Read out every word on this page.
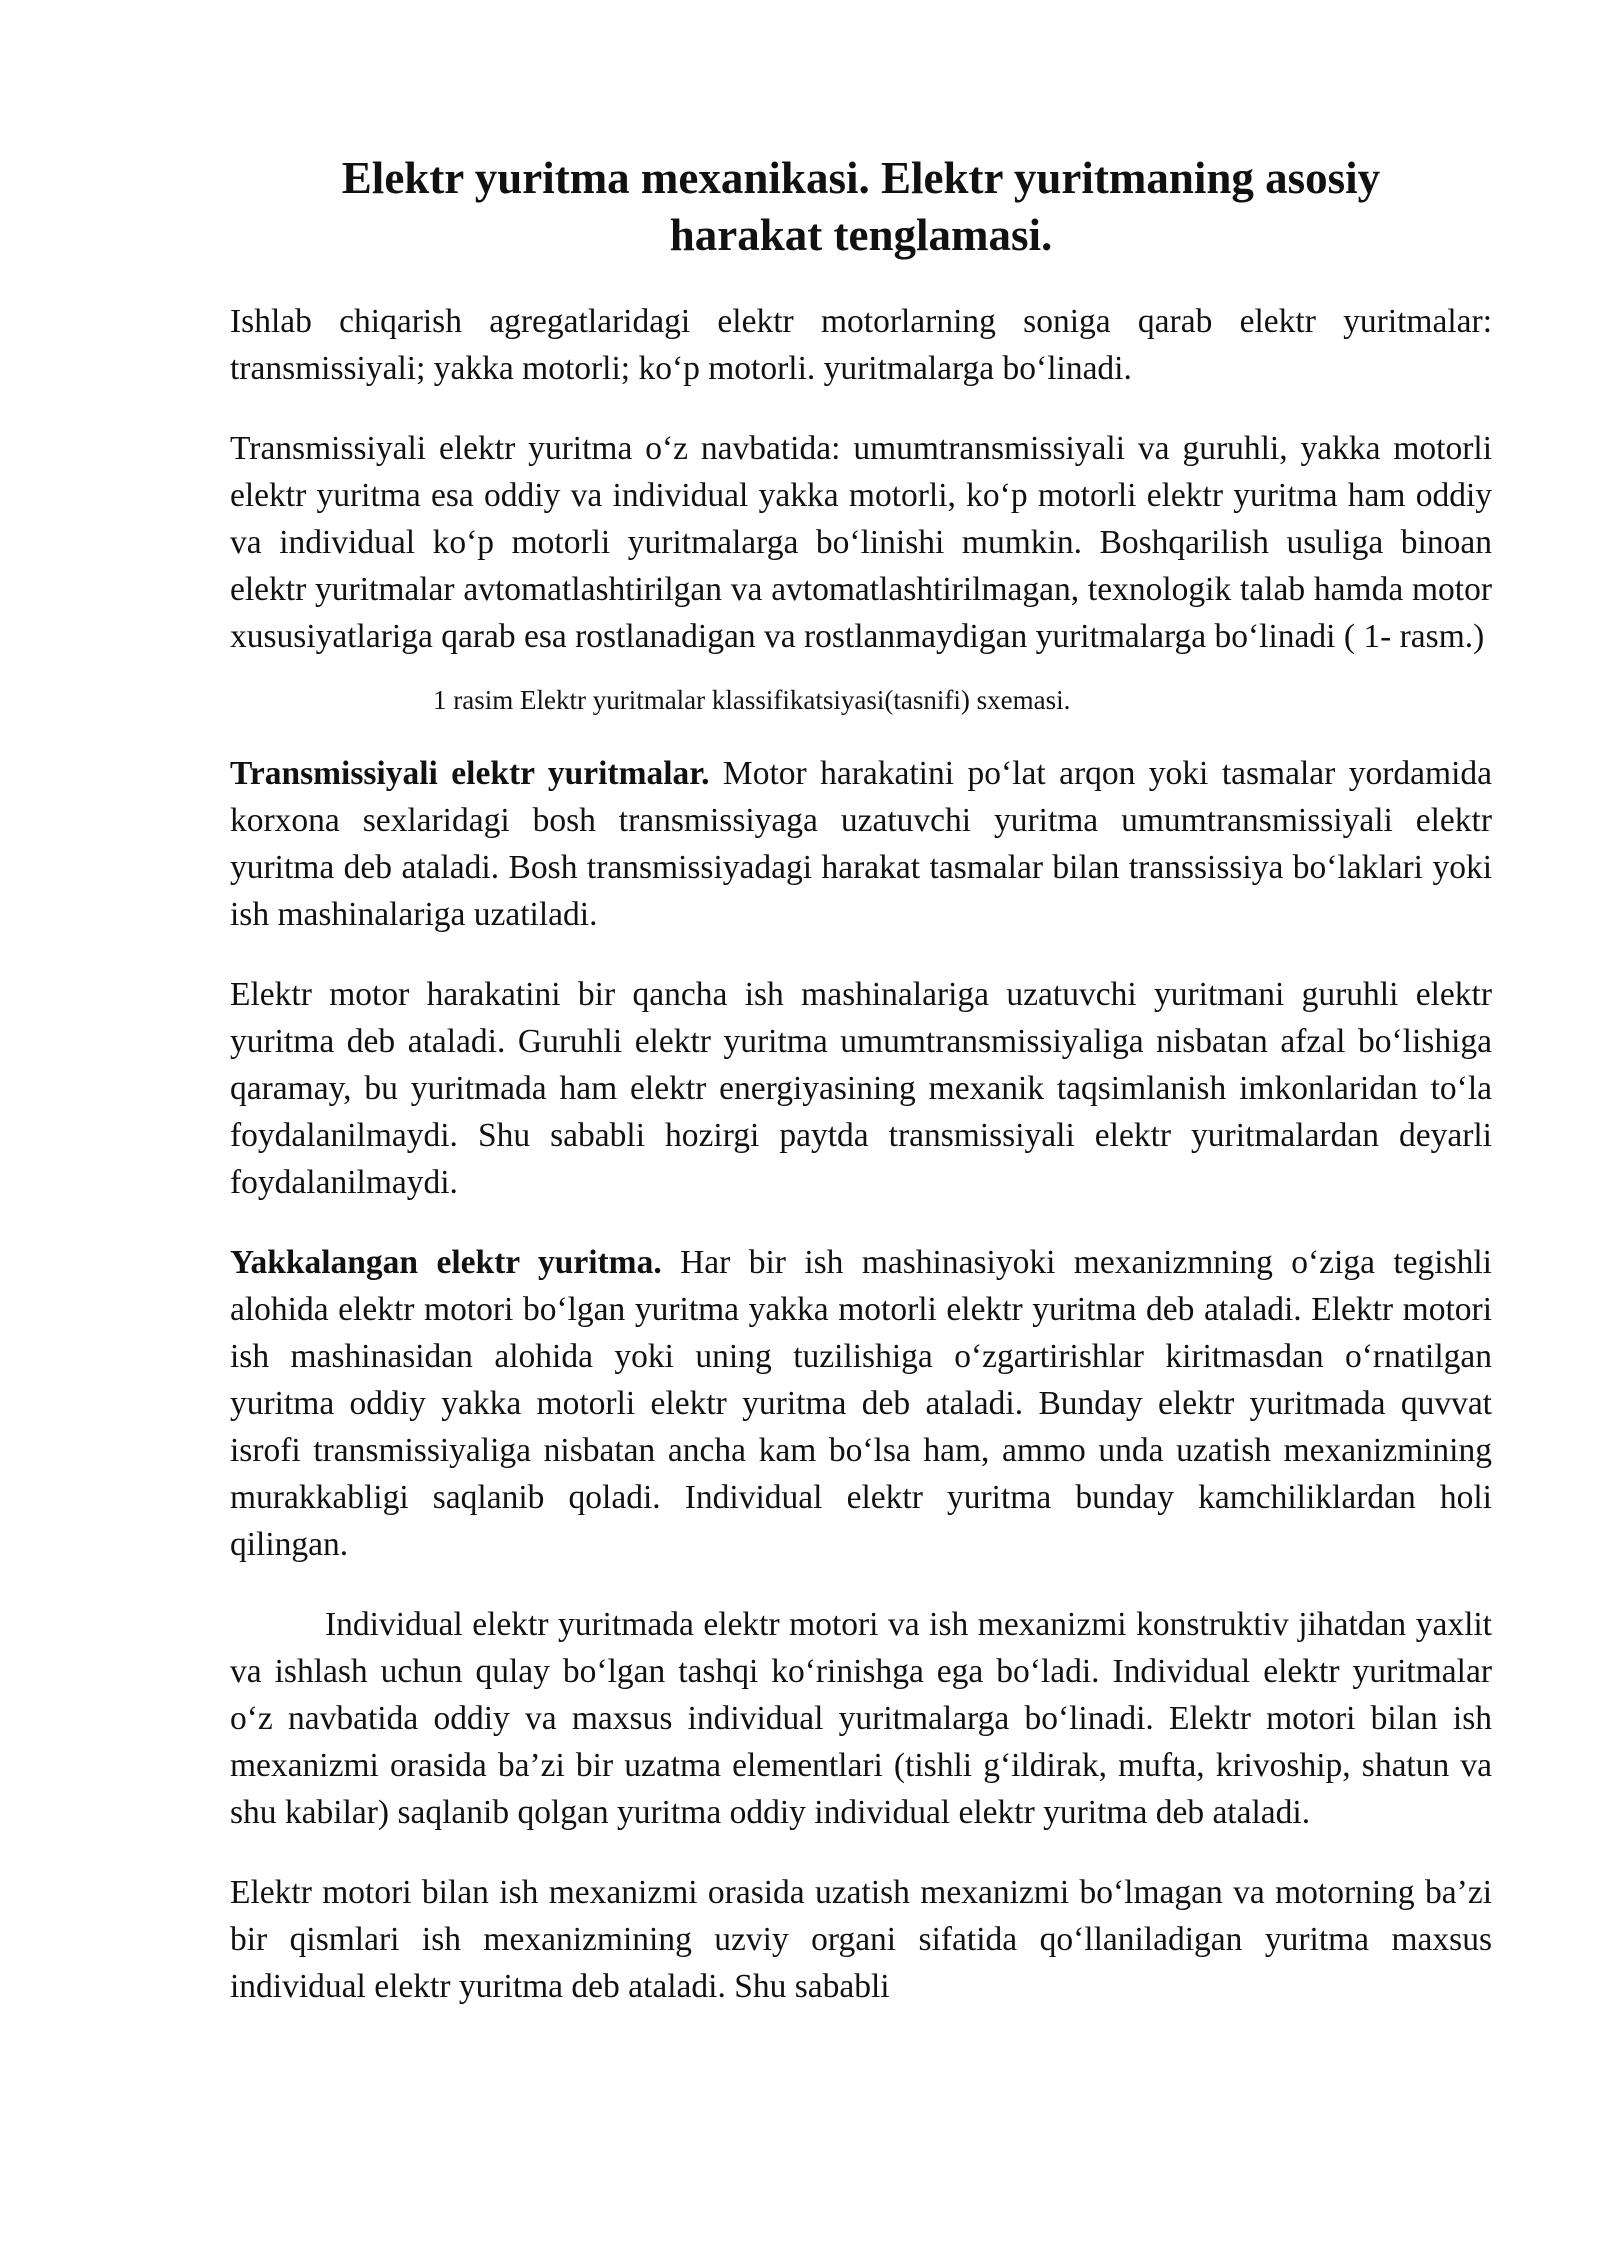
Elektr yuritma mexanikasi. Elektr yuritmaning asosiy
harakat tenglamasi.

Ishlab chiqarish agregatlaridagi elektr motorlarning soniga qarab elektr yuritmalar: transmissiyali; yakka motorli; ko‘p motorli. yuritmalarga bo‘linadi.

Transmissiyali elektr yuritma o‘z navbatida: umumtransmissiyali va guruhli, yakka motorli elektr yuritma esa oddiy va individual yakka motorli, ko‘p motorli elektr yuritma ham oddiy va individual ko‘p motorli yuritmalarga bo‘linishi mumkin. Boshqarilish usuliga binoan elektr yuritmalar avtomatlashtirilgan va avtomatlashtirilmagan, texnologik talab hamda motor xususiyatlariga qarab esa rostlanadigan va rostlanmaydigan yuritmalarga bo‘linadi ( 1- rasm.)

1 rasim Elektr yuritmalar klassifikatsiyasi(tasnifi) sxemasi.

Transmissiyali elektr yuritmalar. Motor harakatini po‘lat arqon yoki tasmalar yordamida korxona sexlaridagi bosh transmissiyaga uzatuvchi yuritma umumtransmissiyali elektr yuritma deb ataladi. Bosh transmissiyadagi harakat tasmalar bilan transsissiya bo‘laklari yoki ish mashinalariga uzatiladi.

Elektr motor harakatini bir qancha ish mashinalariga uzatuvchi yuritmani guruhli elektr yuritma deb ataladi. Guruhli elektr yuritma umumtransmissiyaliga nisbatan afzal bo‘lishiga qaramay, bu yuritmada ham elektr energiyasining mexanik taqsimlanish imkonlaridan to‘la foydalanilmaydi. Shu sababli hozirgi paytda transmissiyali elektr yuritmalardan deyarli foydalanilmaydi.

Yakkalangan elektr yuritma. Har bir ish mashinasiyoki mexanizmning o‘ziga tegishli alohida elektr motori bo‘lgan yuritma yakka motorli elektr yuritma deb ataladi. Elektr motori ish mashinasidan alohida yoki uning tuzilishiga o‘zgartirishlar kiritmasdan o‘rnatilgan yuritma oddiy yakka motorli elektr yuritma deb ataladi. Bunday elektr yuritmada quvvat isrofi transmissiyaliga nisbatan ancha kam bo‘lsa ham, ammo unda uzatish mexanizmining murakkabligi saqlanib qoladi. Individual elektr yuritma bunday kamchiliklardan holi qilingan.

Individual elektr yuritmada elektr motori va ish mexanizmi konstruktiv jihatdan yaxlit va ishlash uchun qulay bo‘lgan tashqi ko‘rinishga ega bo‘ladi. Individual elektr yuritmalar o‘z navbatida oddiy va maxsus individual yuritmalarga bo‘linadi. Elektr motori bilan ish mexanizmi orasida ba’zi bir uzatma elementlari (tishli g‘ildirak, mufta, krivoship, shatun va shu kabilar) saqlanib qolgan yuritma oddiy individual elektr yuritma deb ataladi.

Elektr motori bilan ish mexanizmi orasida uzatish mexanizmi bo‘lmagan va motorning ba’zi bir qismlari ish mexanizmining uzviy organi sifatida qo‘llaniladigan yuritma maxsus individual elektr yuritma deb ataladi. Shu sababli
